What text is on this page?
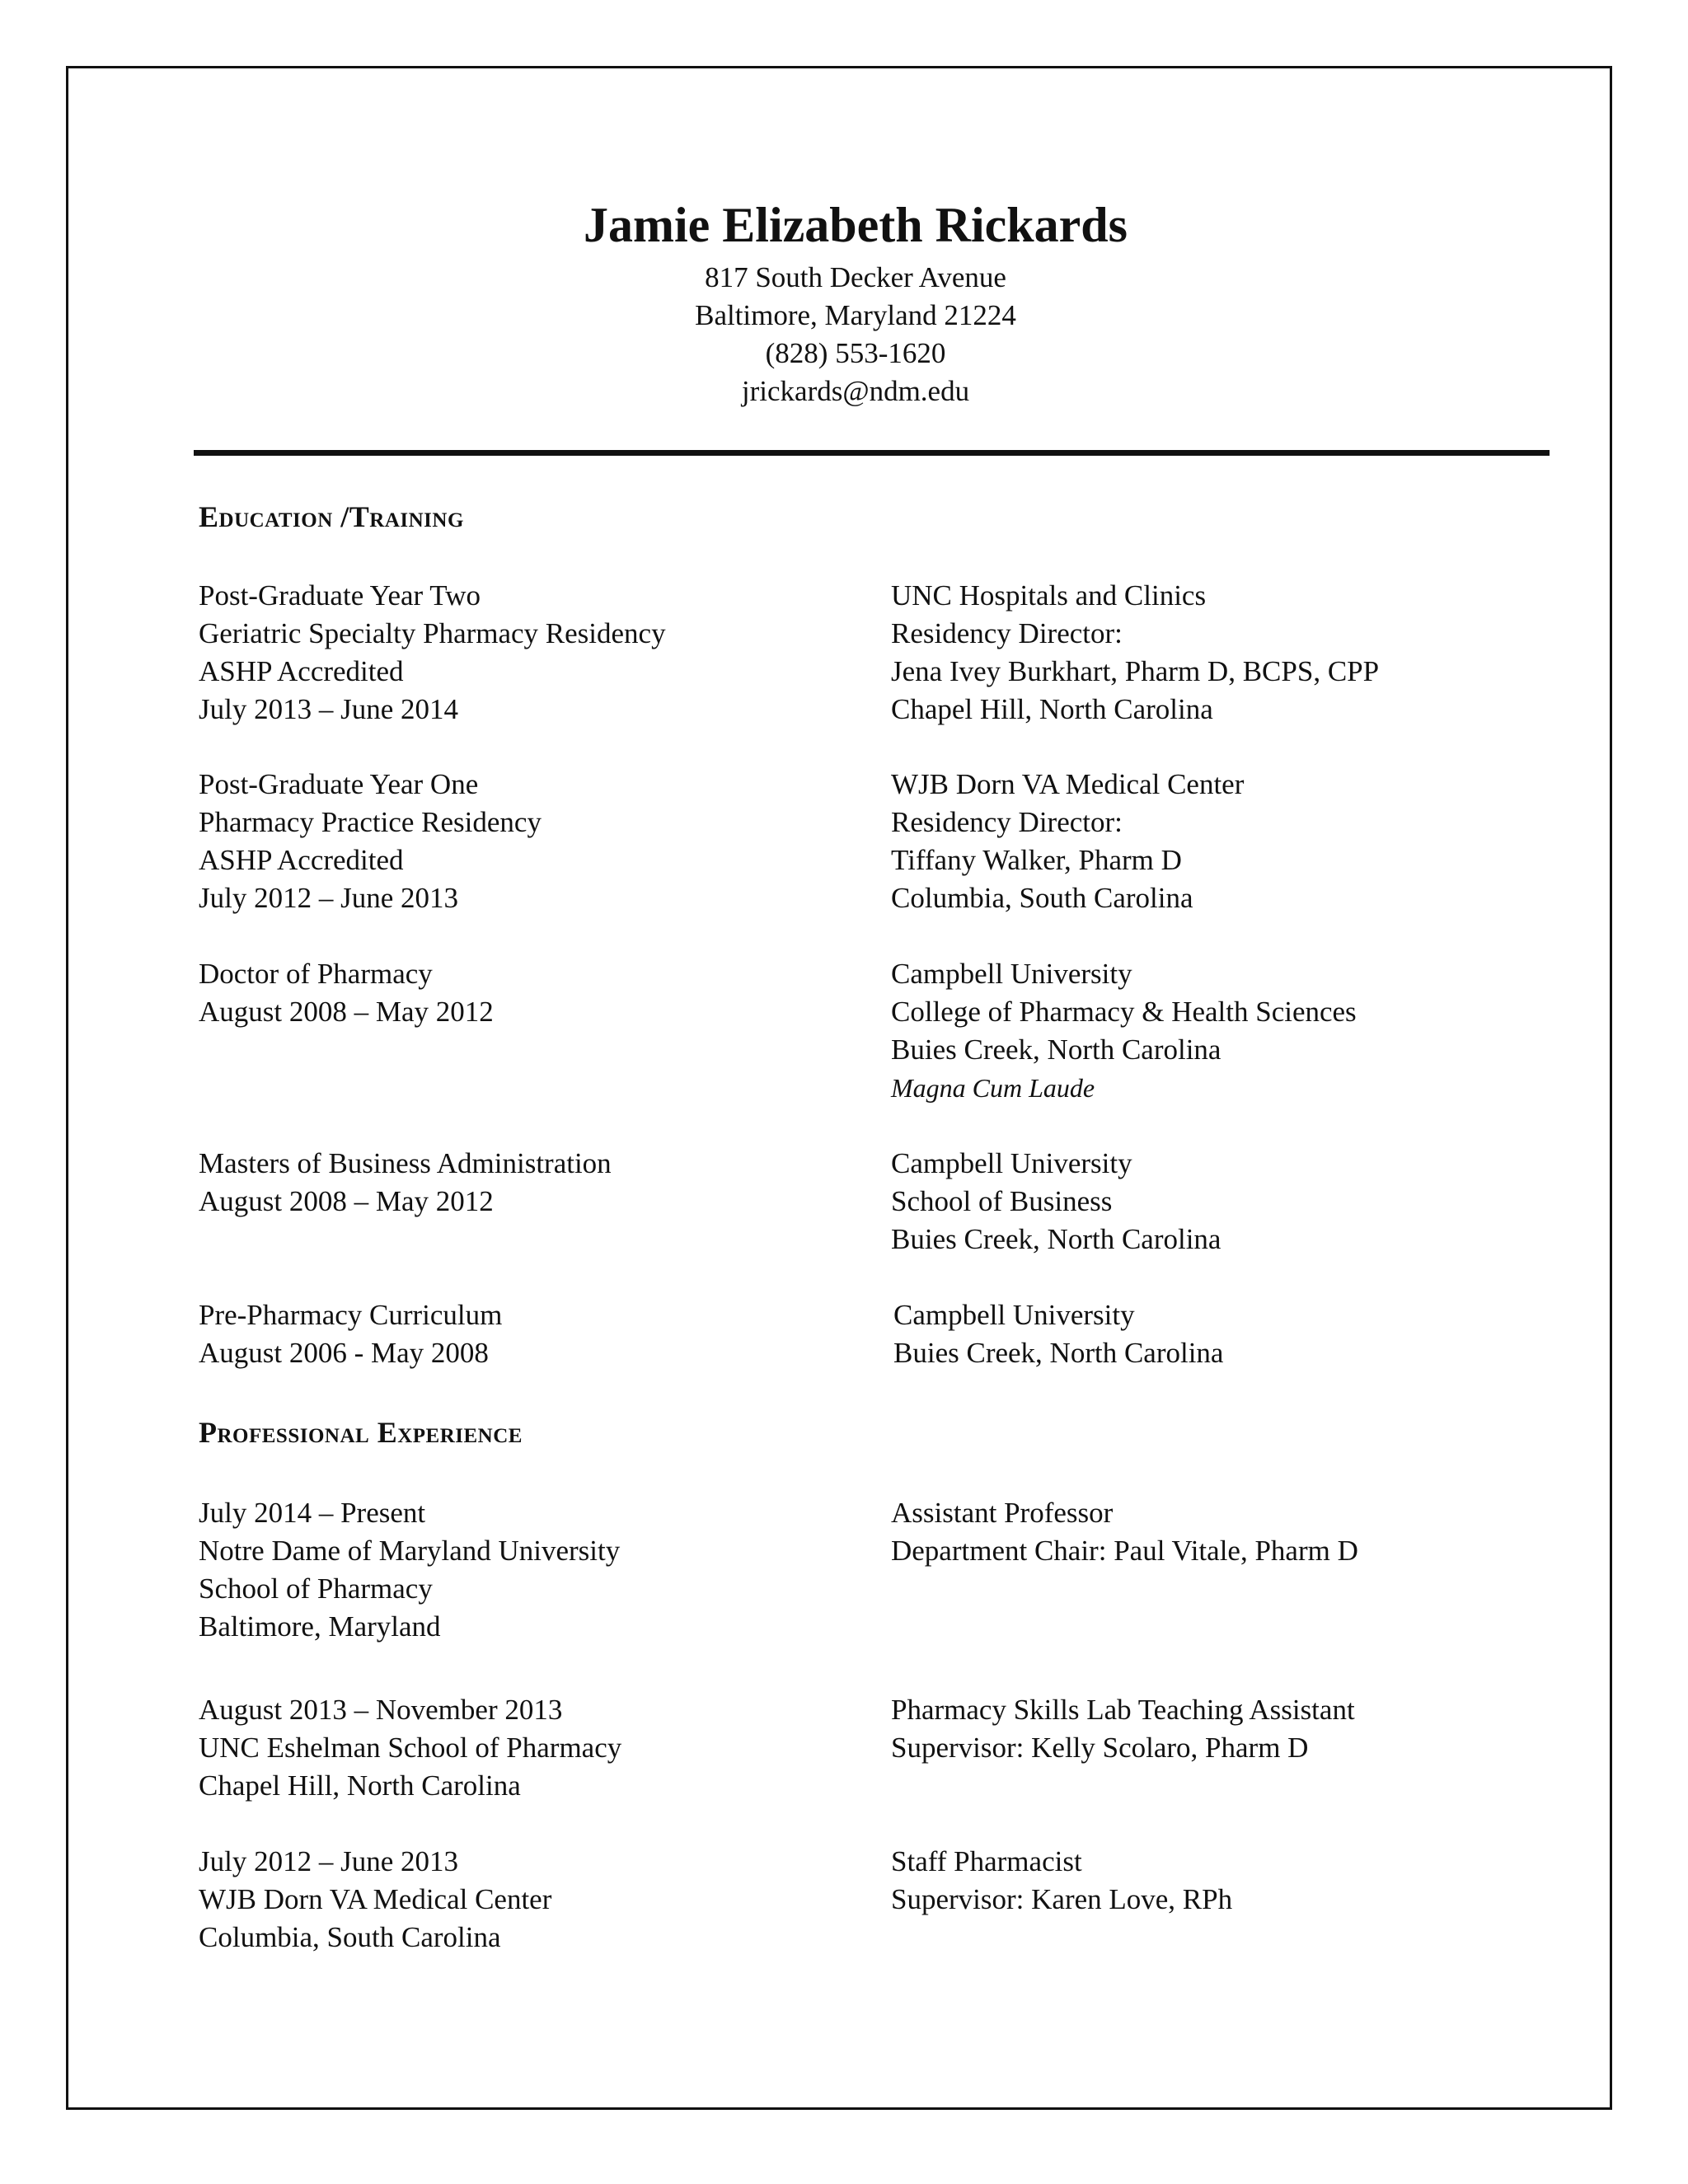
Jamie Elizabeth Rickards
817 South Decker Avenue
Baltimore, Maryland 21224
(828) 553-1620
jrickards@ndm.edu
Education /Training
Post-Graduate Year Two
Geriatric Specialty Pharmacy Residency
ASHP Accredited
July 2013 – June 2014
UNC Hospitals and Clinics
Residency Director:
Jena Ivey Burkhart, Pharm D, BCPS, CPP
Chapel Hill, North Carolina
Post-Graduate Year One
Pharmacy Practice Residency
ASHP Accredited
July 2012 – June 2013
WJB Dorn VA Medical Center
Residency Director:
Tiffany Walker, Pharm D
Columbia, South Carolina
Doctor of Pharmacy
August 2008 – May 2012
Campbell University
College of Pharmacy & Health Sciences
Buies Creek, North Carolina
Magna Cum Laude
Masters of Business Administration
August 2008 – May 2012
Campbell University
School of Business
Buies Creek, North Carolina
Pre-Pharmacy Curriculum
August 2006 - May 2008
Campbell University
Buies Creek, North Carolina
Professional Experience
July 2014 – Present
Notre Dame of Maryland University
School of Pharmacy
Baltimore, Maryland
Assistant Professor
Department Chair: Paul Vitale, Pharm D
August 2013 – November 2013
UNC Eshelman School of Pharmacy
Chapel Hill, North Carolina
Pharmacy Skills Lab Teaching Assistant
Supervisor: Kelly Scolaro, Pharm D
July 2012 – June 2013
WJB Dorn VA Medical Center
Columbia, South Carolina
Staff Pharmacist
Supervisor: Karen Love, RPh
